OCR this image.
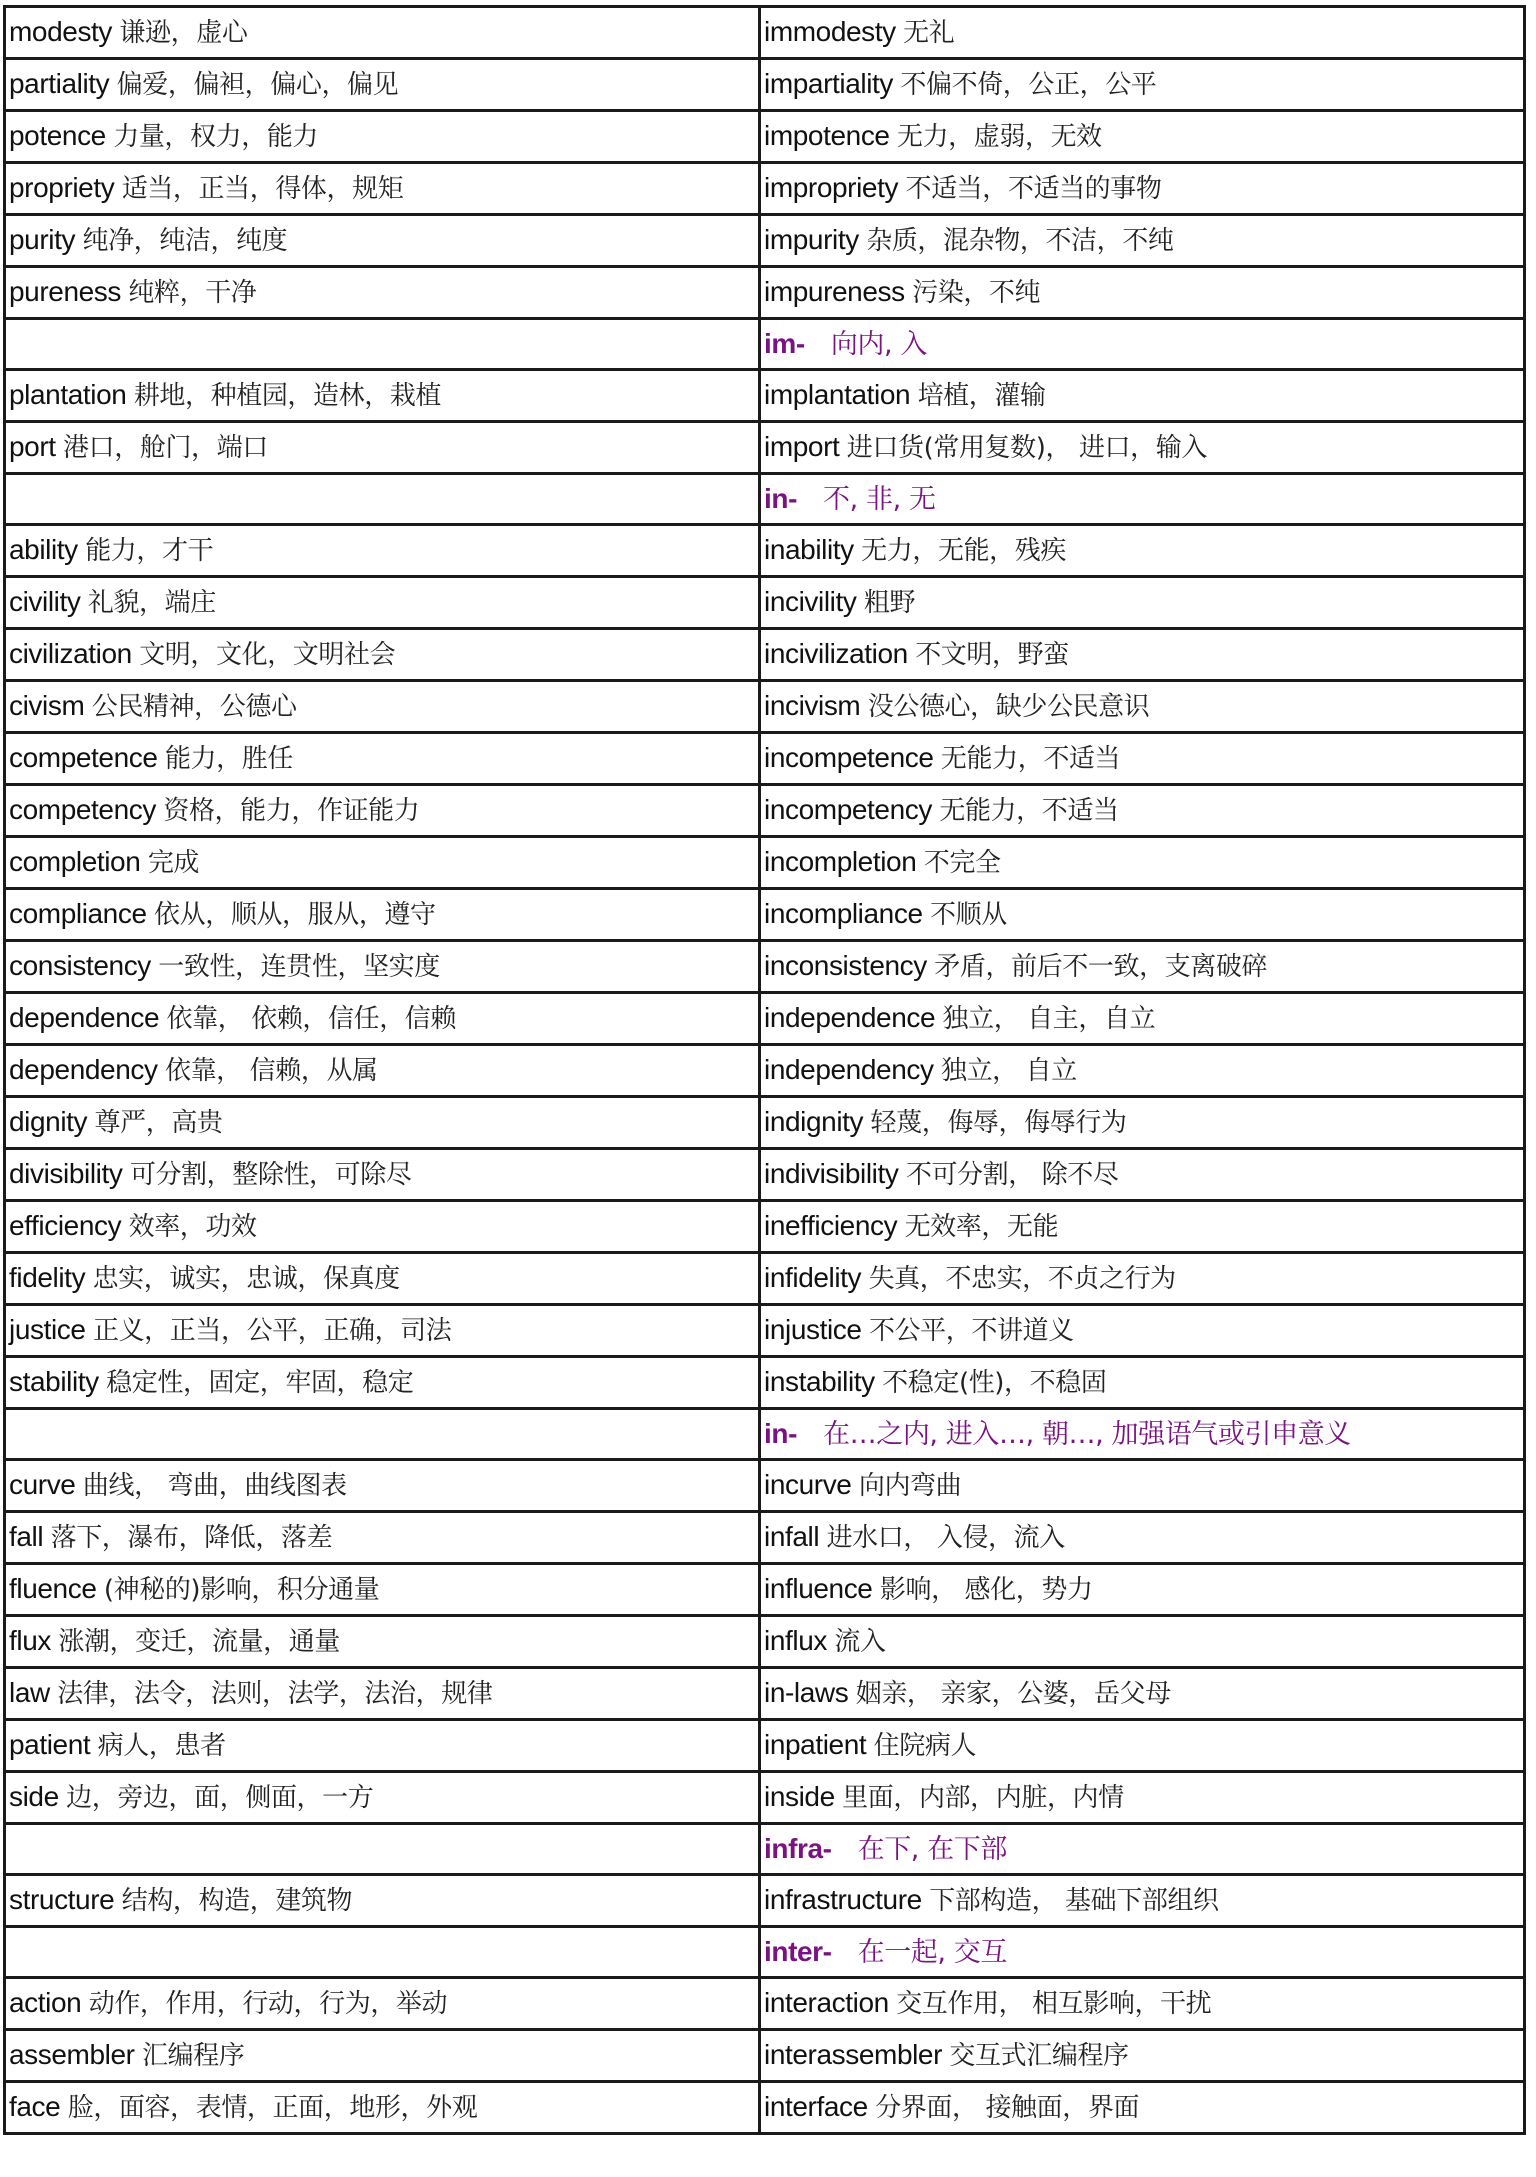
modesty 谦逊，虚心	immodesty 无礼
partiality 偏爱，偏袒，偏心，偏见	impartiality 不偏不倚，公正，公平
potence 力量，权力，能力	impotence 无力，虚弱，无效
propriety 适当，正当，得体，规矩	impropriety 不适当，不适当的事物
purity 纯净，纯洁，纯度	impurity 杂质，混杂物，不洁，不纯
pureness 纯粹，干净	impureness 污染，不纯
	im- 向内, 入
plantation 耕地，种植园，造林，栽植	implantation 培植，灌输
port 港口，舱门，端口	import 进口货(常用复数)， 进口，输入
	in- 不, 非, 无
ability 能力，才干	inability 无力，无能，残疾
civility 礼貌，端庄	incivility 粗野
civilization 文明，文化，文明社会	incivilization 不文明，野蛮
civism 公民精神，公德心	incivism 没公德心，缺少公民意识
competence 能力，胜任	incompetence 无能力，不适当
competency 资格，能力，作证能力	incompetency 无能力，不适当
completion 完成	incompletion 不完全
compliance 依从，顺从，服从，遵守	incompliance 不顺从
consistency 一致性，连贯性，坚实度	inconsistency 矛盾，前后不一致，支离破碎
dependence 依靠， 依赖，信任，信赖	independence 独立， 自主，自立
dependency 依靠， 信赖，从属	independency 独立， 自立
dignity 尊严，高贵	indignity 轻蔑，侮辱，侮辱行为
divisibility 可分割，整除性，可除尽	indivisibility 不可分割， 除不尽
efficiency 效率，功效	inefficiency 无效率，无能
fidelity 忠实，诚实，忠诚，保真度	infidelity 失真，不忠实，不贞之行为
justice 正义，正当，公平，正确，司法	injustice 不公平，不讲道义
stability 稳定性，固定，牢固，稳定	instability 不稳定(性)，不稳固
	in- 在…之内, 进入…, 朝…, 加强语气或引申意义
curve 曲线， 弯曲，曲线图表	incurve 向内弯曲
fall 落下，瀑布，降低，落差	infall 进水口， 入侵，流入
fluence (神秘的)影响，积分通量	influence 影响， 感化，势力
flux 涨潮，变迁，流量，通量	influx 流入
law 法律，法令，法则，法学，法治，规律	in-laws 姻亲， 亲家，公婆，岳父母
patient 病人，患者	inpatient 住院病人
side 边，旁边，面，侧面，一方	inside 里面，内部，内脏，内情
	infra- 在下, 在下部
structure 结构，构造，建筑物	infrastructure 下部构造， 基础下部组织
	inter- 在一起, 交互
action 动作，作用，行动，行为，举动	interaction 交互作用， 相互影响，干扰
assembler 汇编程序	interassembler 交互式汇编程序
face 脸，面容，表情，正面，地形，外观	interface 分界面， 接触面，界面
